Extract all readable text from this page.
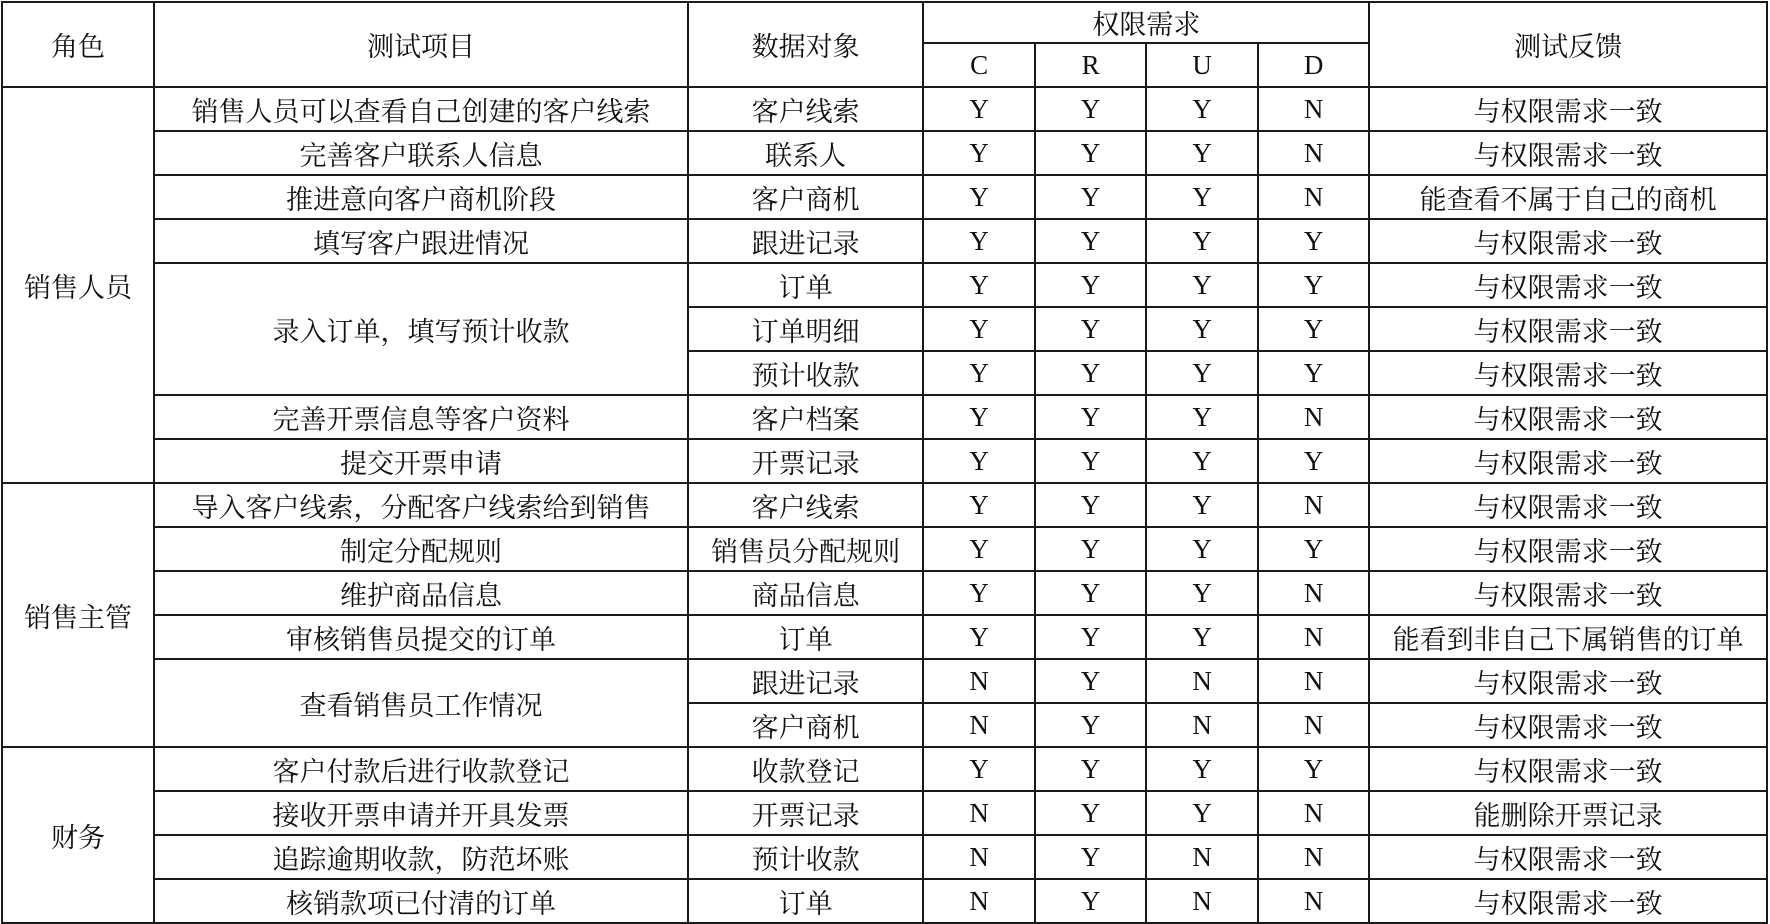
角色	测试项目	数据对象	权限需求				测试反馈
			C	R	U	D	
销售人员	销售人员可以查看自己创建的客户线索	客户线索	Y	Y	Y	N	与权限需求一致
	完善客户联系人信息	联系人	Y	Y	Y	N	与权限需求一致
	推进意向客户商机阶段	客户商机	Y	Y	Y	N	能查看不属于自己的商机
	填写客户跟进情况	跟进记录	Y	Y	Y	Y	与权限需求一致
	录入订单，填写预计收款	订单	Y	Y	Y	Y	与权限需求一致
		订单明细	Y	Y	Y	Y	与权限需求一致
		预计收款	Y	Y	Y	Y	与权限需求一致
	完善开票信息等客户资料	客户档案	Y	Y	Y	N	与权限需求一致
	提交开票申请	开票记录	Y	Y	Y	Y	与权限需求一致
销售主管	导入客户线索，分配客户线索给到销售	客户线索	Y	Y	Y	N	与权限需求一致
	制定分配规则	销售员分配规则	Y	Y	Y	Y	与权限需求一致
	维护商品信息	商品信息	Y	Y	Y	N	与权限需求一致
	审核销售员提交的订单	订单	Y	Y	Y	N	能看到非自己下属销售的订单
	查看销售员工作情况	跟进记录	N	Y	N	N	与权限需求一致
		客户商机	N	Y	N	N	与权限需求一致
财务	客户付款后进行收款登记	收款登记	Y	Y	Y	Y	与权限需求一致
	接收开票申请并开具发票	开票记录	N	Y	Y	N	能删除开票记录
	追踪逾期收款，防范坏账	预计收款	N	Y	N	N	与权限需求一致
	核销款项已付清的订单	订单	N	Y	N	N	与权限需求一致
